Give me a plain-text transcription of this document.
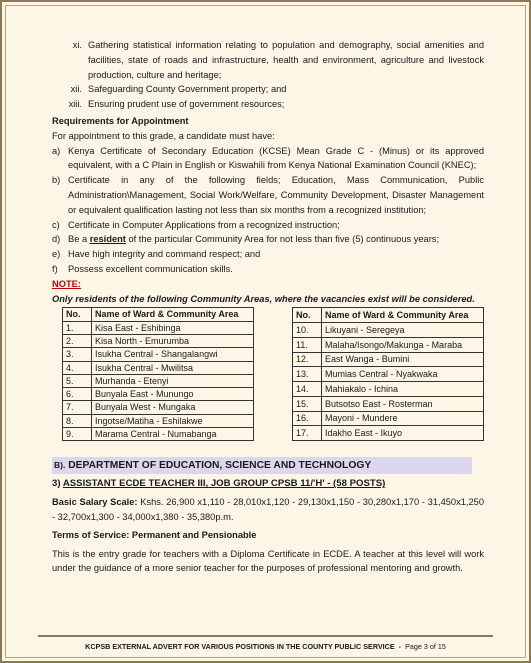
xi. Gathering statistical information relating to population and demography, social amenities and facilities, state of roads and infrastructure, health and environment, agriculture and livestock production, culture and heritage;
xii. Safeguarding County Government property; and
xiii. Ensuring prudent use of government resources;
Requirements for Appointment
For appointment to this grade, a candidate must have:
a) Kenya Certificate of Secondary Education (KCSE) Mean Grade C - (Minus) or its approved equivalent, with a C Plain in English or Kiswahili from Kenya National Examination Council (KNEC);
b) Certificate in any of the following fields; Education, Mass Communication, Public Administration\Management, Social Work/Welfare, Community Development, Disaster Management or equivalent qualification lasting not less than six months from a recognized institution;
c) Certificate in Computer Applications from a recognized instruction;
d) Be a resident of the particular Community Area for not less than five (5) continuous years;
e) Have high integrity and command respect; and
f)	Possess excellent communication skills.
NOTE:
Only residents of the following Community Areas, where the vacancies exist will be considered.
No.	Name of Ward & Community Area
1.	Kisa East - Eshibinga
2.	Kisa North - Emurumba
3.	Isukha Central - Shangalangwi
4.	Isukha Central - Mwilitsa
5.	Murhanda - Etenyi
6.	Bunyala East - Munungo
7.	Bunyala West - Mungaka
8.	Ingotse/Matiha - Eshilakwe
9.	Marama Central - Numabanga
No.	Name of Ward & Community Area
10.	Likuyani - Seregeya
11.	Malaha/Isongo/Makunga - Maraba
12.	East Wanga - Bumini
13.	Mumias Central - Nyakwaka
14.	Mahiakalo - Ichina
15.	Butsotso East - Rosterman
16.	Mayoni - Mundere
17.	Idakho East - Ikuyo
B). DEPARTMENT OF EDUCATION, SCIENCE AND TECHNOLOGY
3) ASSISTANT ECDE TEACHER III, JOB GROUP CPSB 11/'H' - (58 POSTS)
Basic Salary Scale: Kshs. 26,900 x1,110 - 28,010x1,120 - 29,130x1,150 - 30,280x1,170 - 31,450x1,250 - 32,700x1,300 - 34,000x1,380 - 35,380p.m.
Terms of Service: Permanent and Pensionable
This is the entry grade for teachers with a Diploma Certificate in ECDE. A teacher at this level will work under the guidance of a more senior teacher for the purposes of professional mentoring and growth.
KCPSB EXTERNAL ADVERT FOR VARIOUS POSITIONS IN THE COUNTY PUBLIC SERVICE  -  Page 3 of 15
